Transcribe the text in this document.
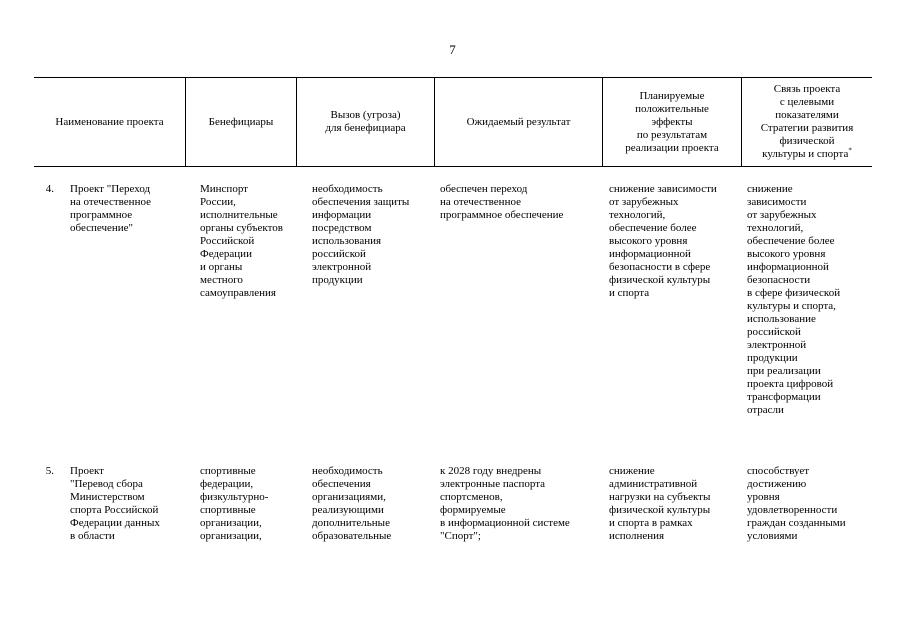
7
Наименование проекта	Бенефициары
Вызов (угроза)
для бенефициара
Ожидаемый результат
Планируемые
положительные
эффекты
по результатам
реализации проекта
Связь проекта
с целевыми
показателями
Стратегии развития
физической
культуры и спорта*
4. Проект "Переход
на отечественное
программное
обеспечение"
Минспорт
России,
исполнительные
органы субъектов
Российской
Федерации
и органы
местного
самоуправления
необходимость
обеспечения защиты
информации
посредством
использования
российской
электронной
продукции
обеспечен переход
на отечественное
программное обеспечение
снижение зависимости
от зарубежных
технологий,
обеспечение более
высокого уровня
информационной
безопасности в сфере
физической культуры
и спорта
снижение
зависимости
от зарубежных
технологий,
обеспечение более
высокого уровня
информационной
безопасности
в сфере физической
культуры и спорта,
использование
российской
электронной
продукции
при реализации
проекта цифровой
трансформации
отрасли
5. Проект
"Перевод сбора
Министерством
спорта Российской
Федерации данных
в области
спортивные
федерации,
физкультурно-
спортивные
организации,
организации,
необходимость
обеспечения
организациями,
реализующими
дополнительные
образовательные
к 2028 году внедрены
электронные паспорта
спортсменов,
формируемые
в информационной системе
"Спорт";
снижение
административной
нагрузки на субъекты
физической культуры
и спорта в рамках
исполнения
способствует
достижению
уровня
удовлетворенности
граждан созданными
условиями
